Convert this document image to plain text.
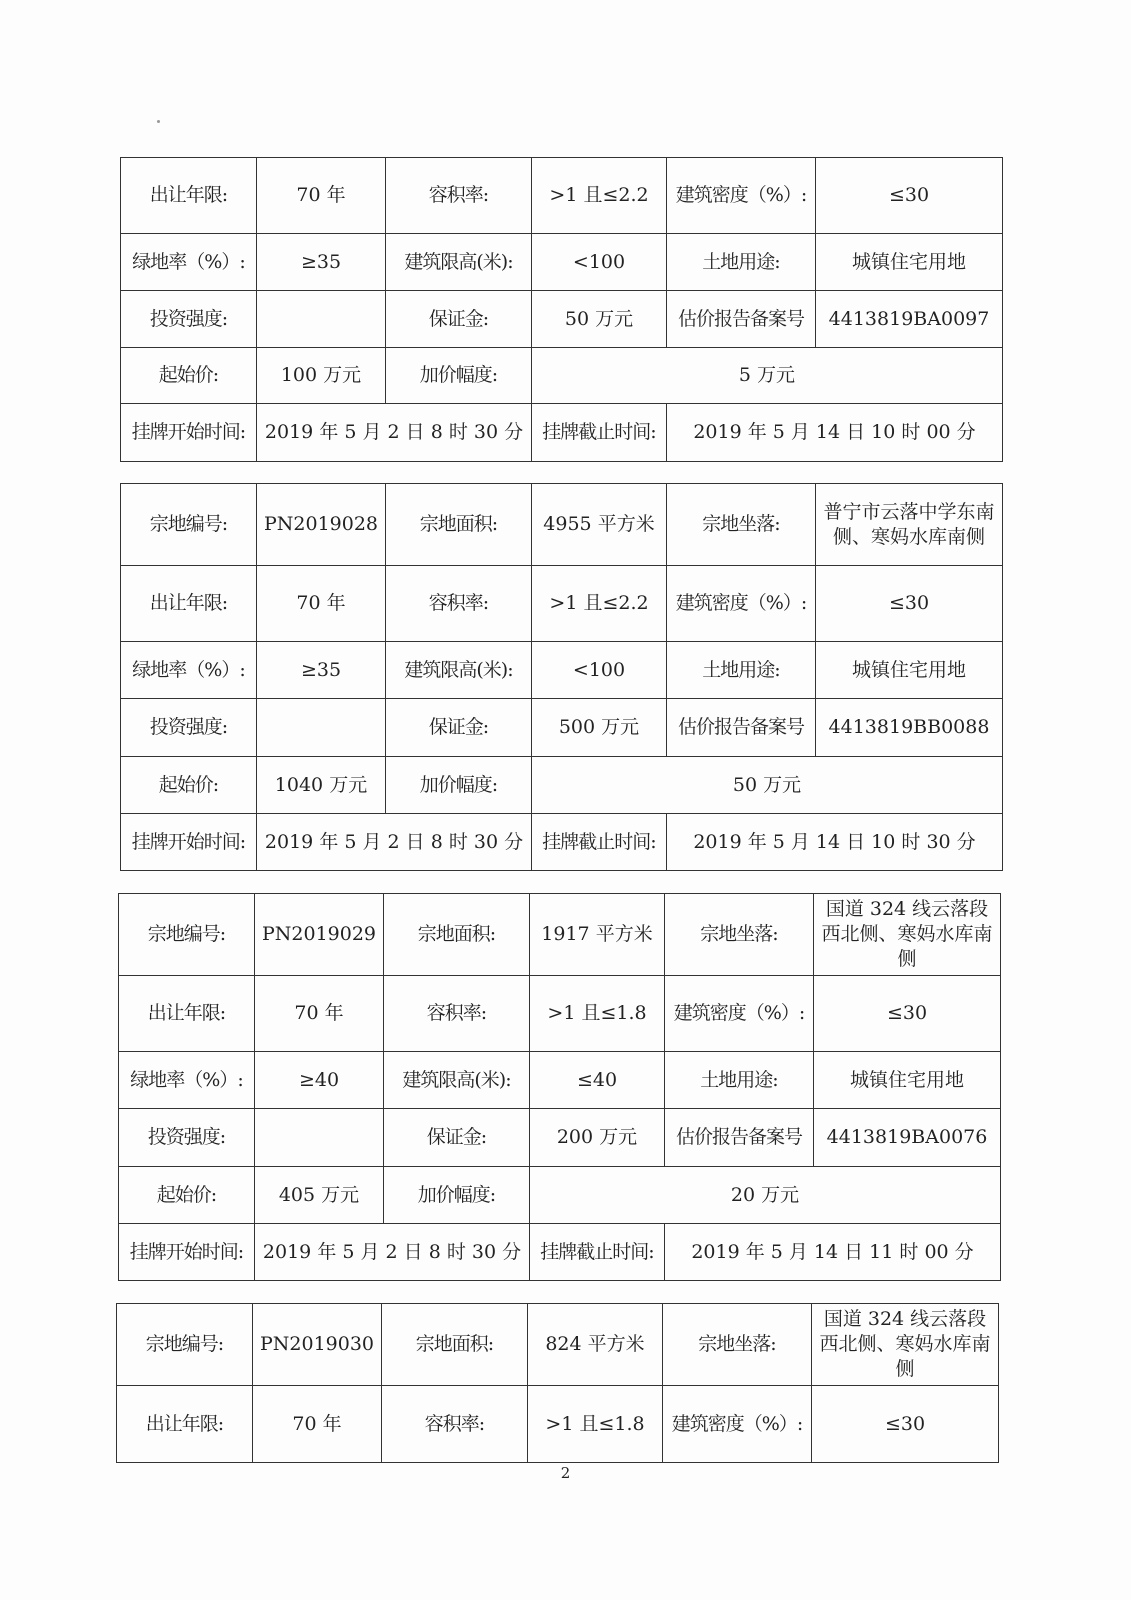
出让年限:	70 年	容积率:	>1 且≤2.2	建筑密度（%）:	≤30
绿地率（%）:	≥35	建筑限高(米):	<100	土地用途:	城镇住宅用地
投资强度:		保证金:	50 万元	估价报告备案号	4413819BA0097
起始价:	100 万元	加价幅度:	5 万元		
挂牌开始时间:	2019 年 5 月 2 日 8 时 30 分		挂牌截止时间:	2019 年 5 月 14 日 10 时 00 分	
宗地编号:	PN2019028	宗地面积:	4955 平方米	宗地坐落:	普宁市云落中学东南侧、寒妈水库南侧
出让年限:	70 年	容积率:	>1 且≤2.2	建筑密度（%）:	≤30
绿地率（%）:	≥35	建筑限高(米):	<100	土地用途:	城镇住宅用地
投资强度:		保证金:	500 万元	估价报告备案号	4413819BB0088
起始价:	1040 万元	加价幅度:	50 万元		
挂牌开始时间:	2019 年 5 月 2 日 8 时 30 分		挂牌截止时间:	2019 年 5 月 14 日 10 时 30 分	
宗地编号:	PN2019029	宗地面积:	1917 平方米	宗地坐落:	国道 324 线云落段西北侧、寒妈水库南侧
出让年限:	70 年	容积率:	>1 且≤1.8	建筑密度（%）:	≤30
绿地率（%）:	≥40	建筑限高(米):	≤40	土地用途:	城镇住宅用地
投资强度:		保证金:	200 万元	估价报告备案号	4413819BA0076
起始价:	405 万元	加价幅度:	20 万元		
挂牌开始时间:	2019 年 5 月 2 日 8 时 30 分		挂牌截止时间:	2019 年 5 月 14 日 11 时 00 分	
宗地编号:	PN2019030	宗地面积:	824 平方米	宗地坐落:	国道 324 线云落段西北侧、寒妈水库南侧
出让年限:	70 年	容积率:	>1 且≤1.8	建筑密度（%）:	≤30
2
